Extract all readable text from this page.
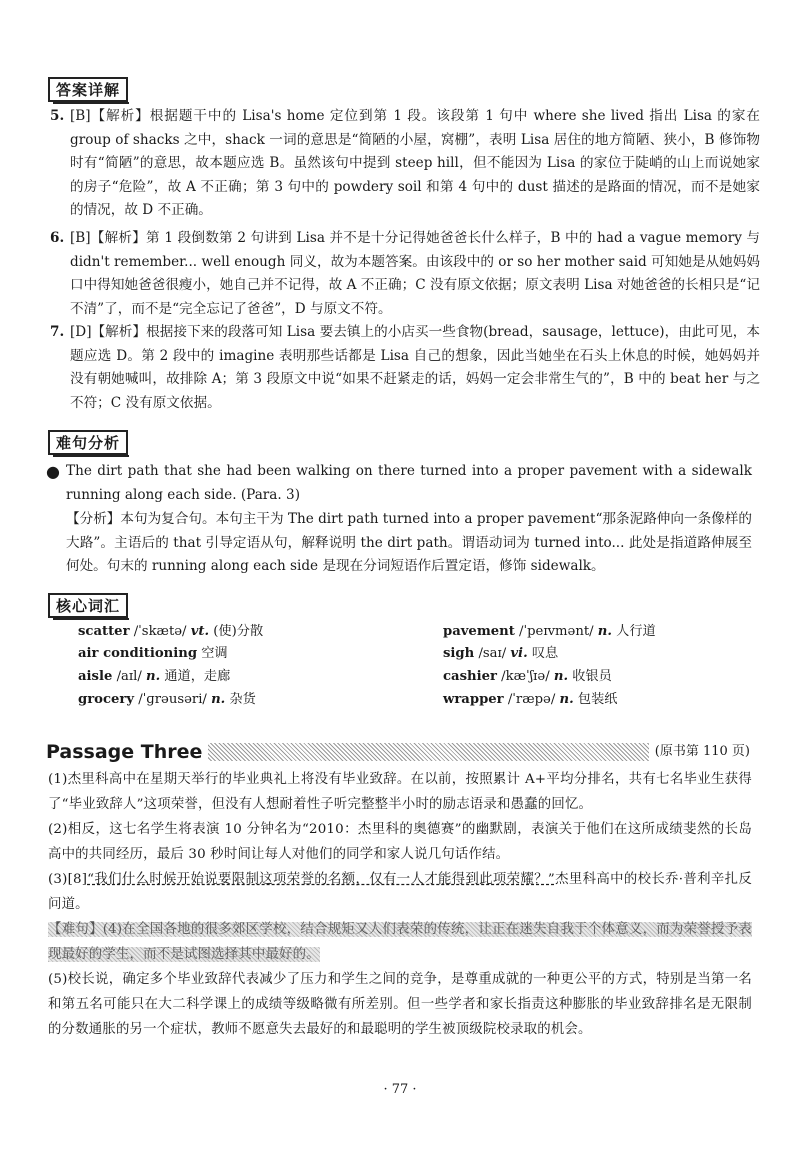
答案详解
5. [B]【解析】根据题干中的 Lisa's home 定位到第 1 段。该段第 1 句中 where she lived 指出 Lisa 的家在 group of shacks 之中，shack 一词的意思是“简陋的小屋，窝棚”，表明 Lisa 居住的地方简陋、狭小，B 修饰物时有“简陋”的意思，故本题应选 B。虽然该句中提到 steep hill，但不能因为 Lisa 的家位于陡峭的山上而说她家的房子“危险”，故 A 不正确；第 3 句中的 powdery soil 和第 4 句中的 dust 描述的是路面的情况，而不是她家的情况，故 D 不正确。
6. [B]【解析】第 1 段倒数第 2 句讲到 Lisa 并不是十分记得她爸爸长什么样子，B 中的 had a vague memory 与 didn't remember... well enough 同义，故为本题答案。由该段中的 or so her mother said 可知她是从她妈妈口中得知她爸爸很瘦小，她自己并不记得，故 A 不正确；C 没有原文依据；原文表明 Lisa 对她爸爸的长相只是“记不清”了，而不是“完全忘记了爸爸”，D 与原文不符。
7. [D]【解析】根据接下来的段落可知 Lisa 要去镇上的小店买一些食物(bread，sausage，lettuce)，由此可见，本题应选 D。第 2 段中的 imagine 表明那些话都是 Lisa 自己的想象，因此当她坐在石头上休息的时候，她妈妈并没有朝她喊叫，故排除 A；第 3 段原文中说“如果不赶紧走的话，妈妈一定会非常生气的”，B 中的 beat her 与之不符；C 没有原文依据。
难句分析
● The dirt path that she had been walking on there turned into a proper pavement with a sidewalk running along each side. (Para. 3)
【分析】本句为复合句。本句主干为 The dirt path turned into a proper pavement“那条泥路伸向一条像样的大路”。主语后的 that 引导定语从句，解释说明 the dirt path。谓语动词为 turned into... 此处是指道路伸展至何处。句末的 running along each side 是现在分词短语作后置定语，修饰 sidewalk。
核心词汇
scatter /ˈskætə/ vt. (使)分散	pavement /ˈpeɪvmənt/ n. 人行道
air conditioning 空调	sigh /saɪ/ vi. 叹息
aisle /aɪl/ n. 通道，走廊	cashier /kæˈʃɪə/ n. 收银员
grocery /ˈɡrəusəri/ n. 杂货	wrapper /ˈræpə/ n. 包装纸
Passage Three	(原书第 110 页)
(1)杰里科高中在星期天举行的毕业典礼上将没有毕业致辞。在以前，按照累计 A+平均分排名，共有七名毕业生获得了“毕业致辞人”这项荣誉，但没有人想耐着性子听完整整半小时的励志语录和愚蠢的回忆。
(2)相反，这七名学生将表演 10 分钟名为“2010：杰里科的奥德赛”的幽默剧，表演关于他们在这所成绩斐然的长岛高中的共同经历，最后 30 秒时间让每人对他们的同学和家人说几句话作结。
(3)[8]“我们什么时候开始说要限制这项荣誉的名额，仅有一人才能得到此项荣耀？”杰里科高中的校长乔·普利辛扎反问道。
【难句】(4)在全国各地的很多郊区学校，结合规矩又人们表荣的传统，让正在迷失自我于个体意义，而为荣誉授予表现最好的学生，而不是试图选择其中最好的。
(5)校长说，确定多个毕业致辞代表减少了压力和学生之间的竞争，是尊重成就的一种更公平的方式，特别是当第一名和第五名可能只在大二科学课上的成绩等级略微有所差别。但一些学者和家长指责这种膨胀的毕业致辞排名是无限制的分数通胀的另一个症状，教师不愿意失去最好的和最聪明的学生被顶级院校录取的机会。
· 77 ·
